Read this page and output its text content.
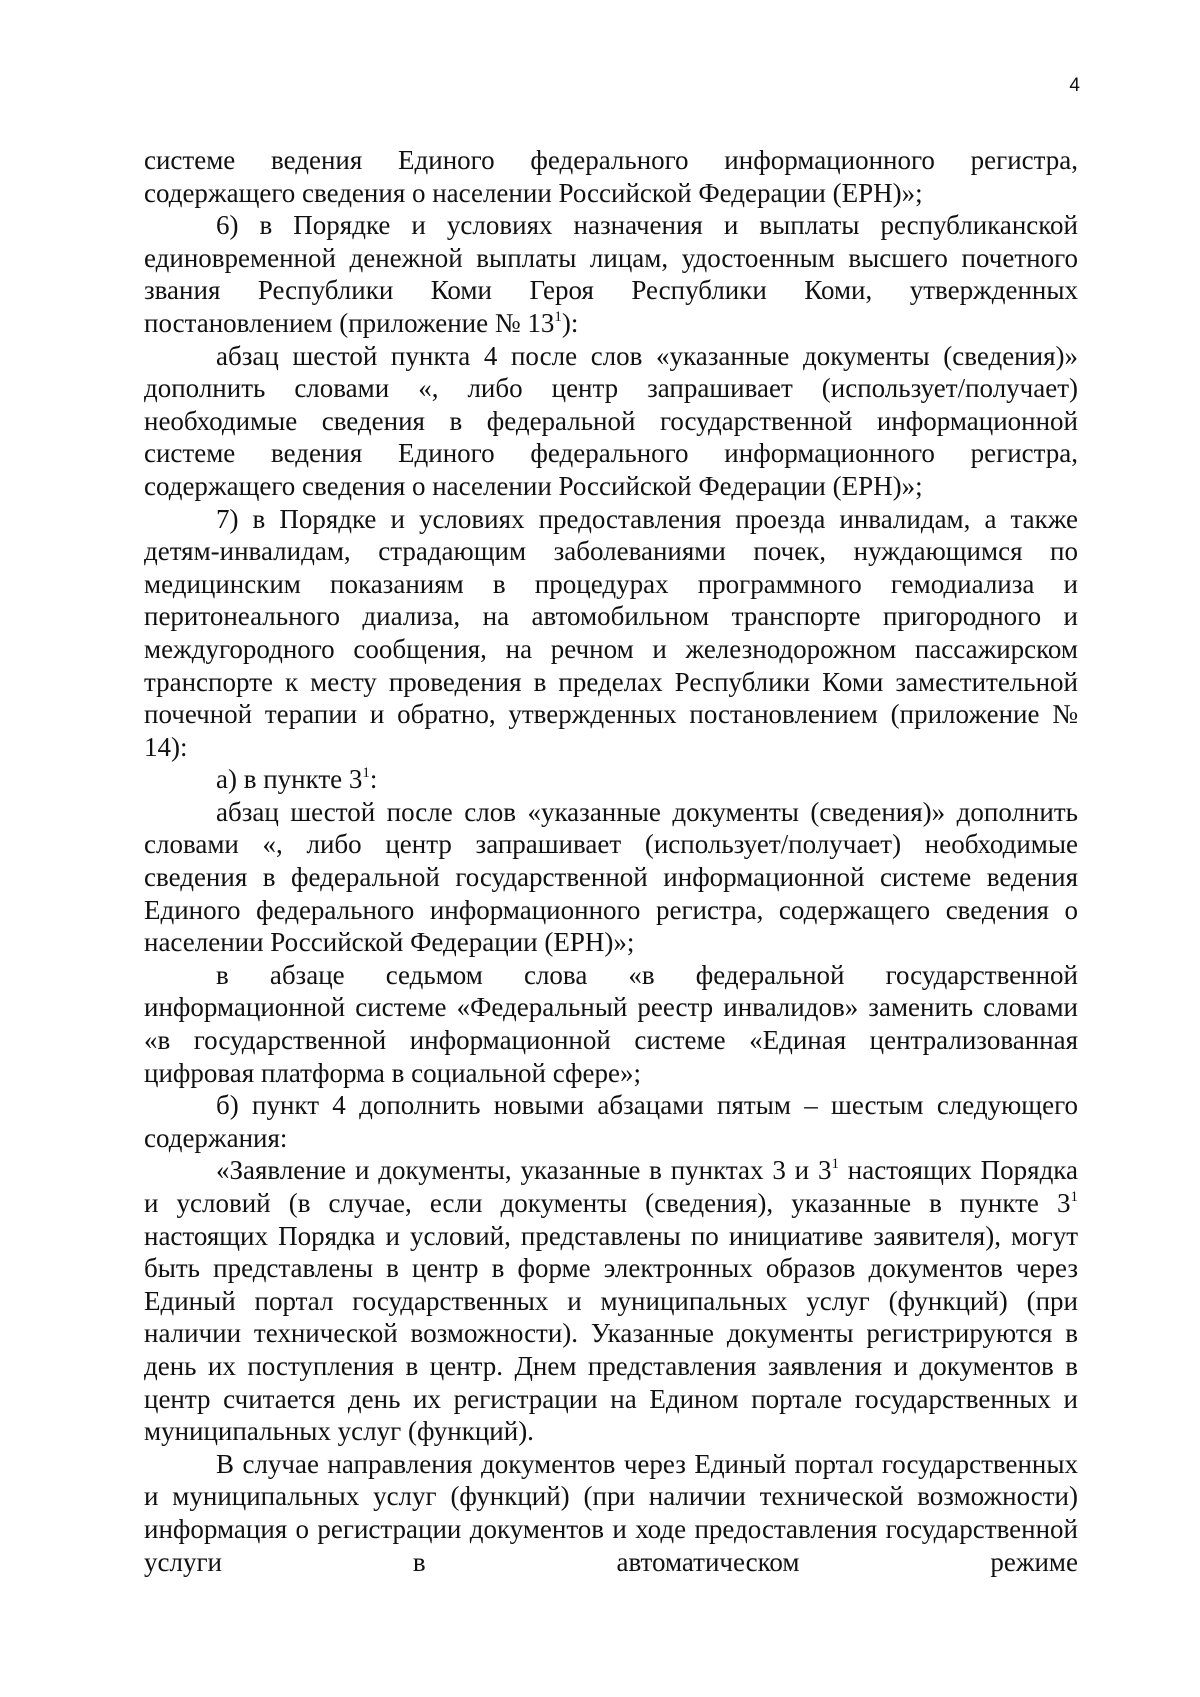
4

системе ведения Единого федерального информационного регистра, содержащего сведения о населении Российской Федерации (ЕРН)»;

6) в Порядке и условиях назначения и выплаты республиканской единовременной денежной выплаты лицам, удостоенным высшего почетного звания Республики Коми Героя Республики Коми, утвержденных постановлением (приложение № $13^1$):

абзац шестой пункта 4 после слов «указанные документы (сведения)» дополнить словами «, либо центр запрашивает (использует/получает) необходимые сведения в федеральной государственной информационной системе ведения Единого федерального информационного регистра, содержащего сведения о населении Российской Федерации (ЕРН)»;

7) в Порядке и условиях предоставления проезда инвалидам, а также детям-инвалидам, страдающим заболеваниями почек, нуждающимся по медицинским показаниям в процедурах программного гемодиализа и перитонеального диализа, на автомобильном транспорте пригородного и междугородного сообщения, на речном и железнодорожном пассажирском транспорте к месту проведения в пределах Республики Коми заместительной почечной терапии и обратно, утвержденных постановлением (приложение № 14):

а) в пункте $3^1$:

абзац шестой после слов «указанные документы (сведения)» дополнить словами «, либо центр запрашивает (использует/получает) необходимые сведения в федеральной государственной информационной системе ведения Единого федерального информационного регистра, содержащего сведения о населении Российской Федерации (ЕРН)»;

в абзаце седьмом слова «в федеральной государственной информационной системе «Федеральный реестр инвалидов» заменить словами «в государственной информационной системе «Единая централизованная цифровая платформа в социальной сфере»;

б) пункт 4 дополнить новыми абзацами пятым – шестым следующего содержания:

«Заявление и документы, указанные в пунктах 3 и $3^1$ настоящих Порядка и условий (в случае, если документы (сведения), указанные в пункте $3^1$ настоящих Порядка и условий, представлены по инициативе заявителя), могут быть представлены в центр в форме электронных образов документов через Единый портал государственных и муниципальных услуг (функций) (при наличии технической возможности). Указанные документы регистрируются в день их поступления в центр. Днем представления заявления и документов в центр считается день их регистрации на Едином портале государственных и муниципальных услуг (функций).

В случае направления документов через Единый портал государственных и муниципальных услуг (функций) (при наличии технической возможности) информация о регистрации документов и ходе предоставления государственной услуги в автоматическом режиме
